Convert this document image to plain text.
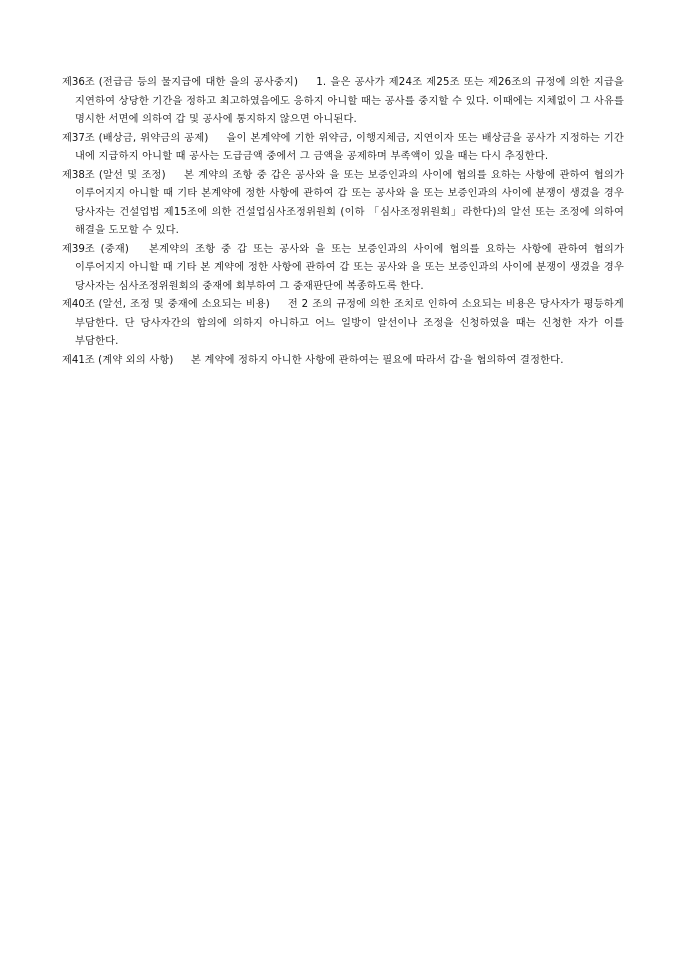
제36조 (전급금 등의 물지급에 대한 을의 공사중지) 1. 을은 공사가 제24조 제25조 또는 제26조의 규정에 의한 지급을 지연하여 상당한 기간을 정하고 최고하였음에도 응하지 아니할 때는 공사를 중지할 수 있다. 이때에는 지체없이 그 사유를 명시한 서면에 의하여 갑 및 공사에 통지하지 않으면 아니된다.

제37조 (배상금, 위약금의 공제) 을이 본계약에 기한 위약금, 이행지체금, 지연이자 또는 배상금을 공사가 지정하는 기간 내에 지급하지 아니할 때 공사는 도급금액 중에서 그 금액을 공제하며 부족액이 있을 때는 다시 추징한다.

제38조 (알선 및 조정) 본 계약의 조항 중 갑은 공사와 을 또는 보증인과의 사이에 협의를 요하는 사항에 관하여 협의가 이루어지지 아니할 때 기타 본계약에 정한 사항에 관하여 갑 또는 공사와 을 또는 보증인과의 사이에 분쟁이 생겼을 경우 당사자는 건설업법 제15조에 의한 건설업심사조정위원회 (이하 「심사조정위원회」라한다)의 알선 또는 조정에 의하여 해결을 도모할 수 있다.

제39조 (중재) 본계약의 조항 중 갑 또는 공사와 을 또는 보증인과의 사이에 협의를 요하는 사항에 관하여 협의가 이루어지지 아니할 때 기타 본 계약에 정한 사항에 관하여 갑 또는 공사와 을 또는 보증인과의 사이에 분쟁이 생겼을 경우 당사자는 심사조정위원회의 중재에 회부하여 그 중재판단에 복종하도록 한다.

제40조 (알선, 조정 및 중재에 소요되는 비용) 전 2 조의 규정에 의한 조치로 인하여 소요되는 비용은 당사자가 평등하게 부담한다. 단 당사자간의 합의에 의하지 아니하고 어느 일방이 알선이나 조정을 신청하였을 때는 신청한 자가 이를 부담한다.

제41조 (계약 외의 사항) 본 계약에 정하지 아니한 사항에 관하여는 필요에 따라서 갑·을 협의하여 결정한다.
